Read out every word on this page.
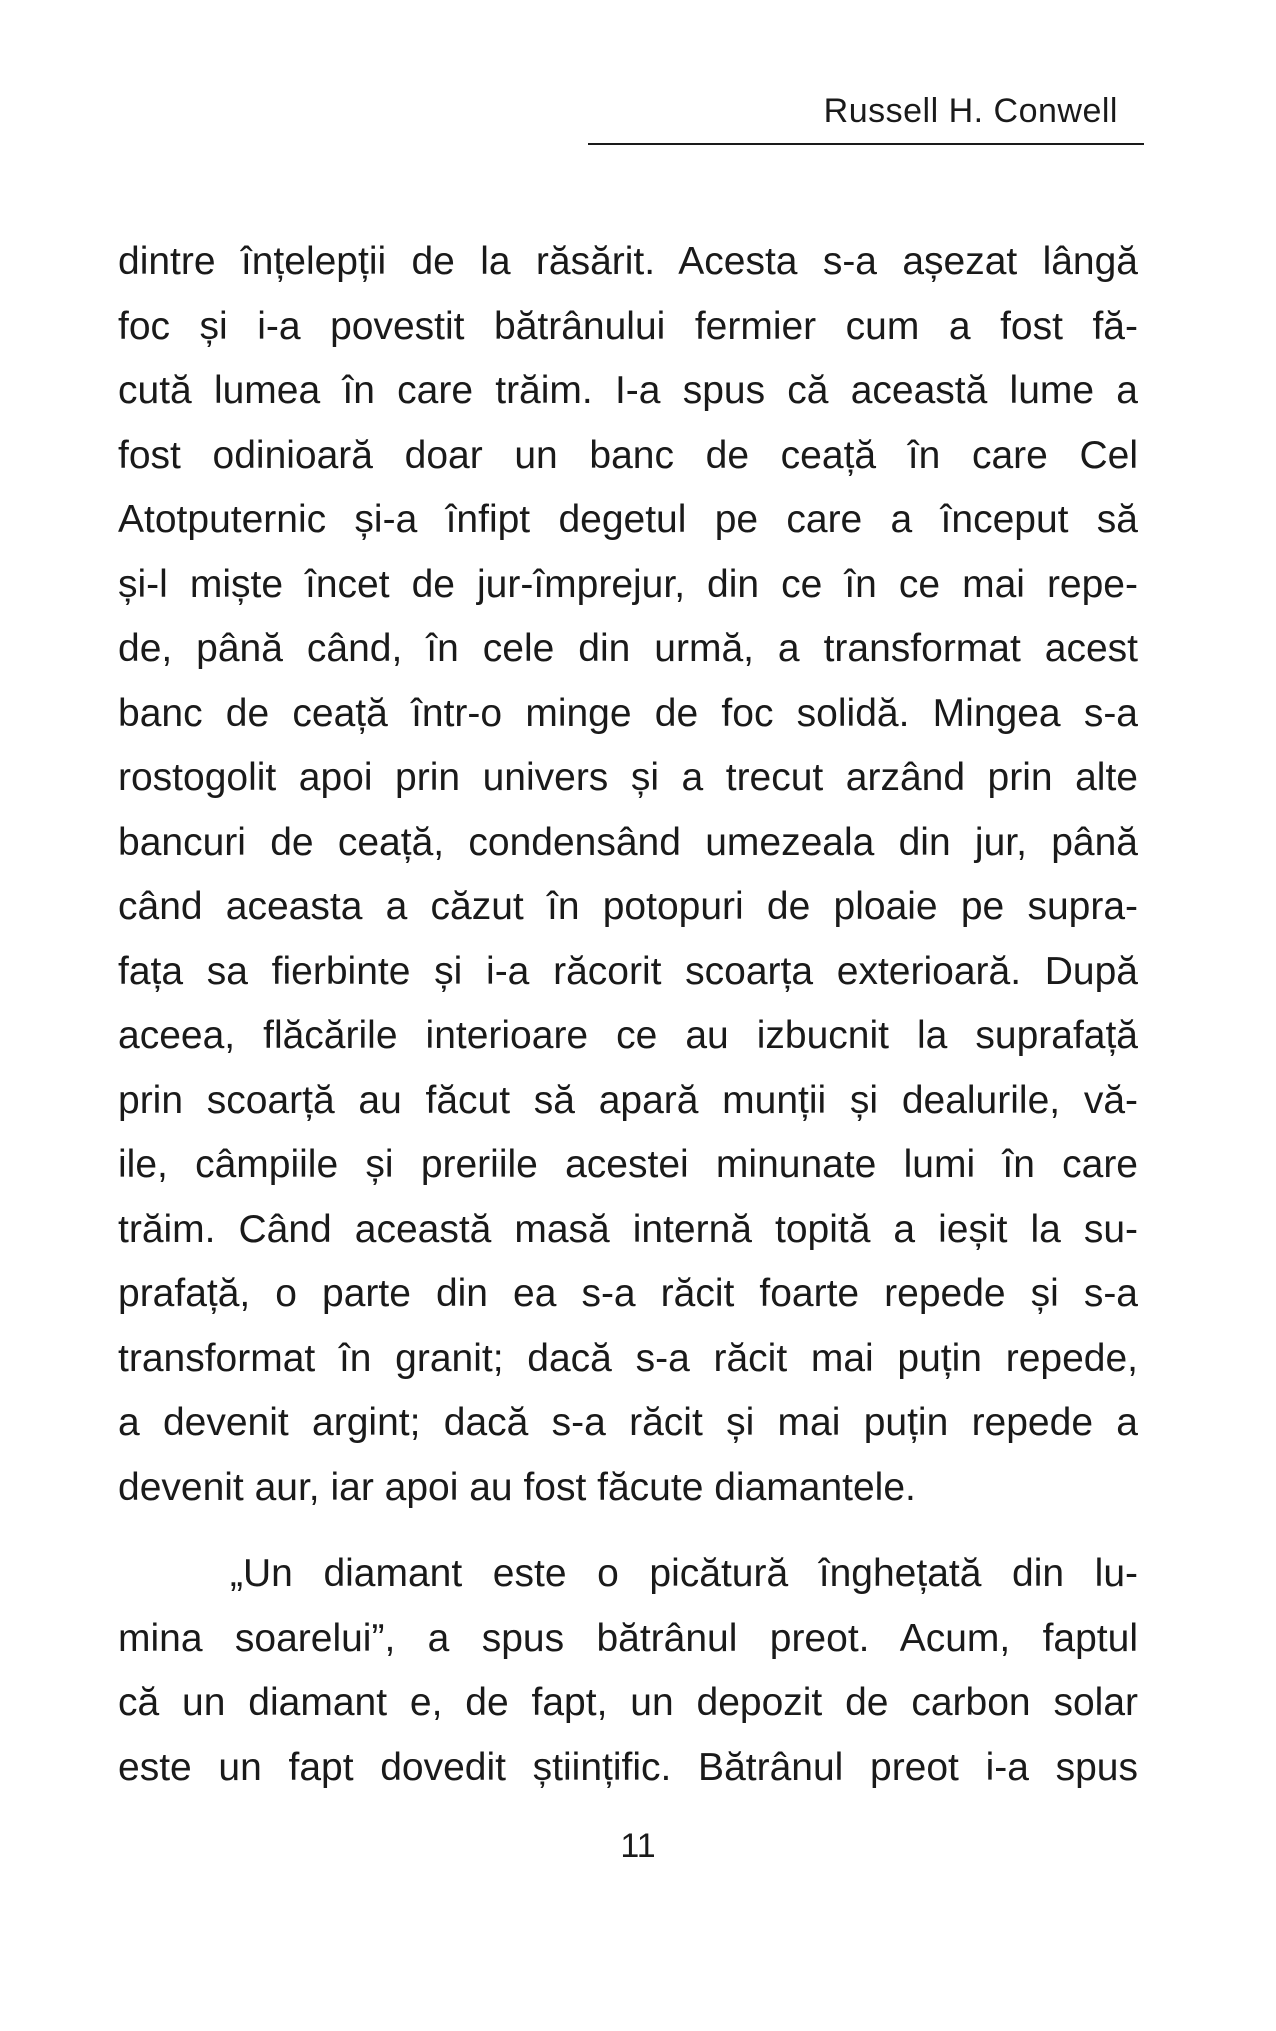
Russell H. Conwell
dintre înțelepții de la răsărit. Acesta s-a așezat lângă
foc și i-a povestit bătrânului fermier cum a fost fă-
cută lumea în care trăim. I-a spus că această lume a
fost odinioară doar un banc de ceață în care Cel
Atotputernic și-a înfipt degetul pe care a început să
și-l miște încet de jur-împrejur, din ce în ce mai repe-
de, până când, în cele din urmă, a transformat acest
banc de ceață într-o minge de foc solidă. Mingea s-a
rostogolit apoi prin univers și a trecut arzând prin alte
bancuri de ceață, condensând umezeala din jur, până
când aceasta a căzut în potopuri de ploaie pe supra-
fața sa fierbinte și i-a răcorit scoarța exterioară. După
aceea, flăcările interioare ce au izbucnit la suprafață
prin scoarță au făcut să apară munții și dealurile, vă-
ile, câmpiile și preriile acestei minunate lumi în care
trăim. Când această masă internă topită a ieșit la su-
prafață, o parte din ea s-a răcit foarte repede și s-a
transformat în granit; dacă s-a răcit mai puțin repede,
a devenit argint; dacă s-a răcit și mai puțin repede a
devenit aur, iar apoi au fost făcute diamantele.
„Un diamant este o picătură înghețată din lu-
mina soarelui”, a spus bătrânul preot. Acum, faptul
că un diamant e, de fapt, un depozit de carbon solar
este un fapt dovedit științific. Bătrânul preot i-a spus
11
